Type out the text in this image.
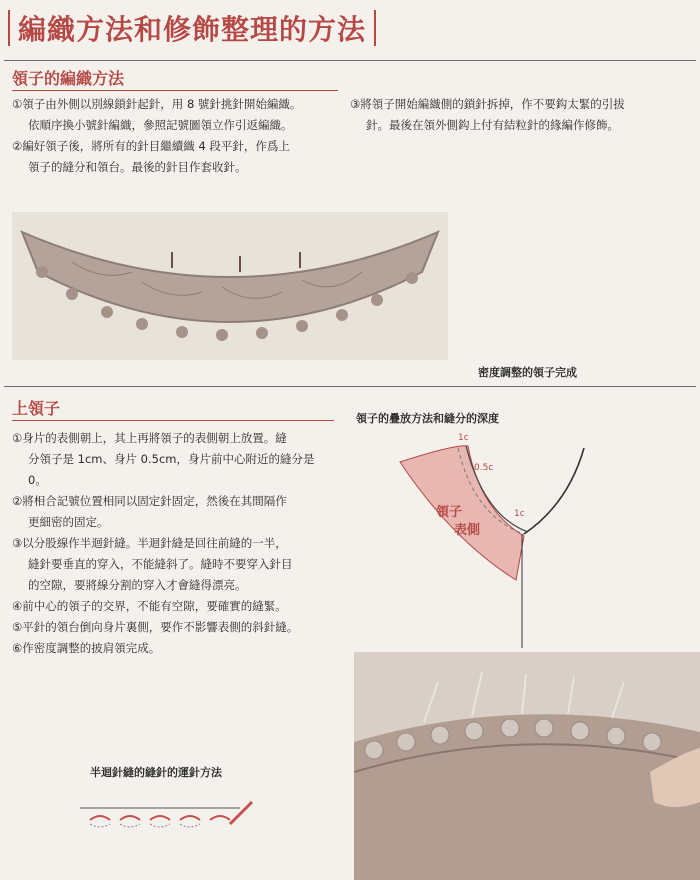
編織方法和修飾整理的方法
領子的編織方法

①領子由外側以別線鎖針起針，用 8 號針挑針開始編織。

依順序換小號針編織，參照記號圖領立作引返編織。

②編好領子後，將所有的針目繼續織 4 段平針，作爲上

領子的縫分和領台。最後的針目作套收針。

③將領子開始編織側的鎖針拆掉，作不要鈎太緊的引拔

針。最後在領外側鈎上付有結粒針的緣編作修飾。

密度調整的領子完成
上領子

①身片的表側朝上，其上再將領子的表側朝上放置。縫

分領子是 1cm、身片 0.5cm，身片前中心附近的縫分是

0。

②將相合記號位置相同以固定針固定，然後在其間隔作

更細密的固定。

③以分股線作半迴針縫。半迴針縫是回往前縫的一半，

縫針要垂直的穿入，不能縫斜了。縫時不要穿入針目

的空隙，要將線分割的穿入才會縫得漂亮。

④前中心的領子的交界，不能有空隙，要確實的縫緊。

⑤平針的領台倒向身片裏側，要作不影響表側的斜針縫。

⑥作密度調整的披肩領完成。

領子的疊放方法和縫分的深度
1c
0.5c
1c
領子
表側
半迴針縫的縫針的運針方法
